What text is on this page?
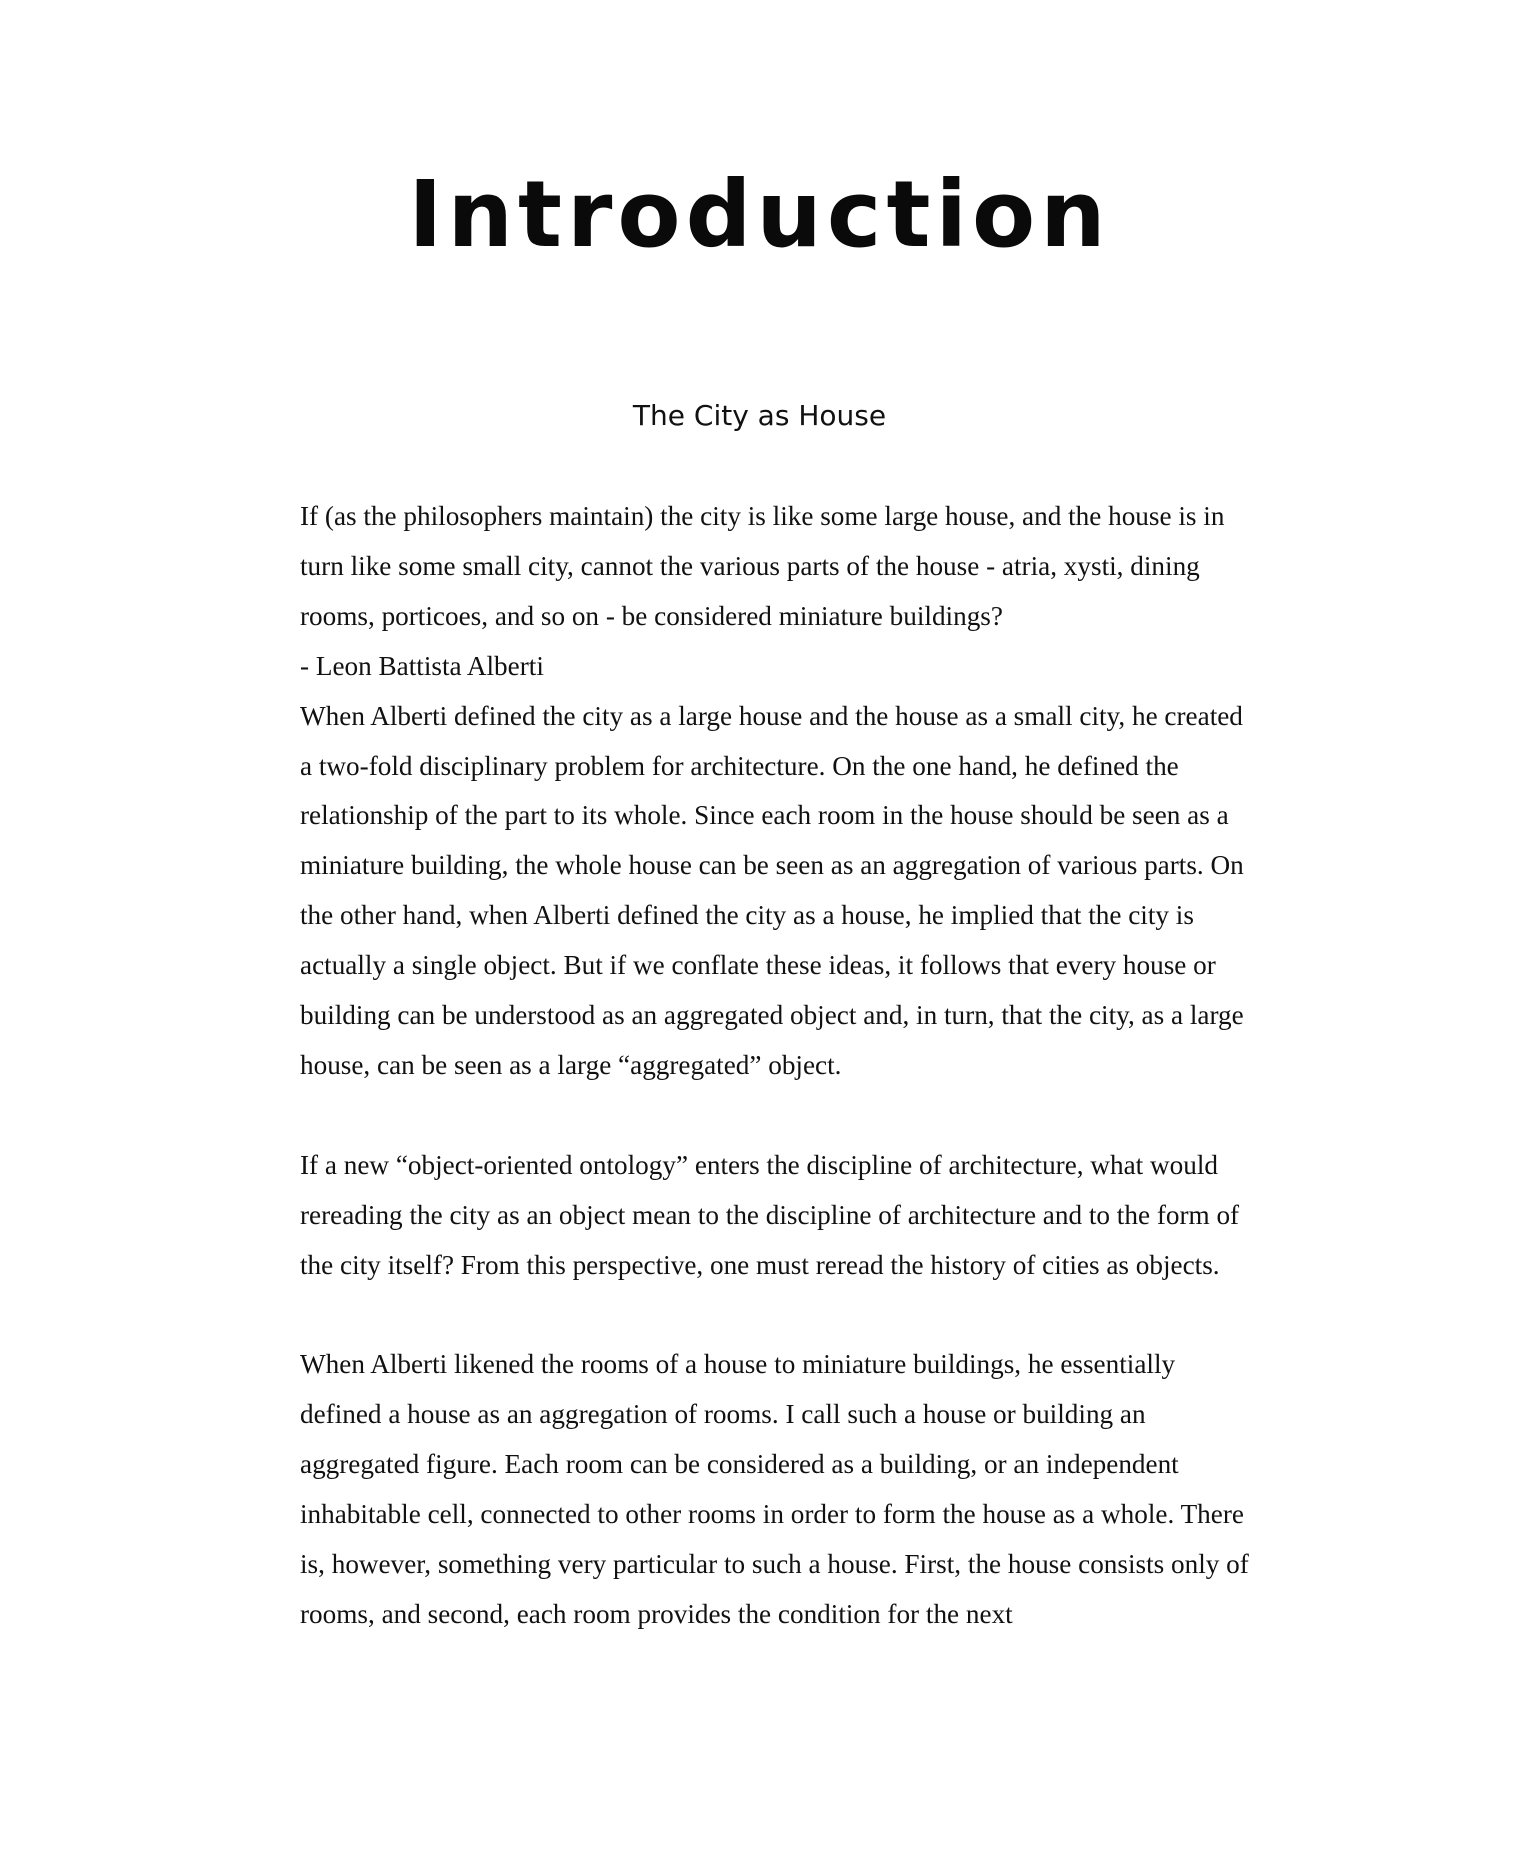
Introduction
The City as House

If (as the philosophers maintain) the city is like some large house, and the house is in turn like some small city, cannot the various parts of the house - atria, xysti, dining rooms, porticoes, and so on - be considered miniature buildings?

- Leon Battista Alberti

When Alberti defined the city as a large house and the house as a small city, he created a two-fold disciplinary problem for architecture. On the one hand, he defined the relationship of the part to its whole. Since each room in the house should be seen as a miniature building, the whole house can be seen as an aggregation of various parts. On the other hand, when Alberti defined the city as a house, he implied that the city is actually a single object. But if we conflate these ideas, it follows that every house or building can be understood as an aggregated object and, in turn, that the city, as a large house, can be seen as a large “aggregated” object.

If a new “object-oriented ontology” enters the discipline of architecture, what would rereading the city as an object mean to the discipline of architecture and to the form of the city itself? From this perspective, one must reread the history of cities as objects.

When Alberti likened the rooms of a house to miniature buildings, he essentially defined a house as an aggregation of rooms. I call such a house or building an aggregated figure. Each room can be considered as a building, or an independent inhabitable cell, connected to other rooms in order to form the house as a whole. There is, however, something very particular to such a house. First, the house consists only of rooms, and second, each room provides the condition for the next
